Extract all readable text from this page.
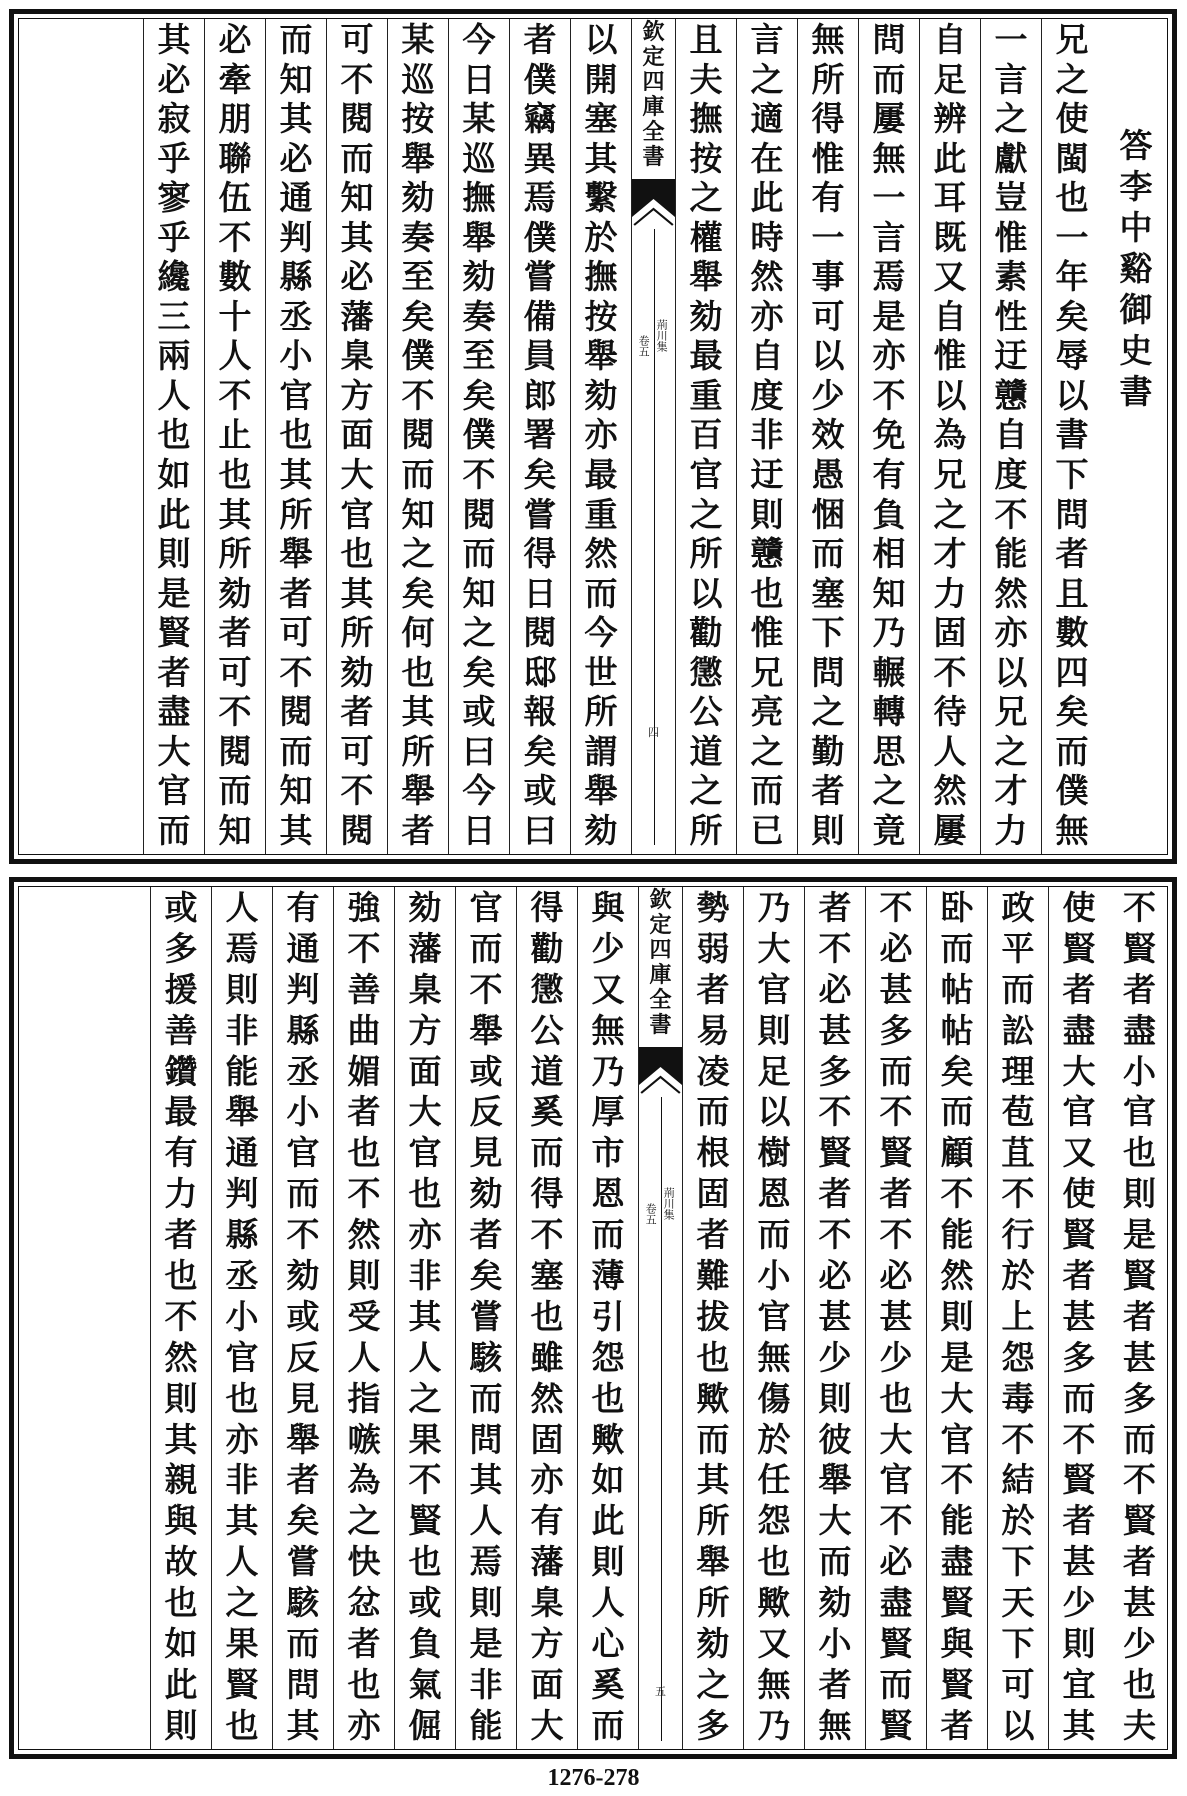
答
李
中
谿
御
史
書
兄
之
使
閩
也
一
年
矣
辱
以
書
下
問
者
且
數
四
矣
而
僕
無
一
言
之
獻
豈
惟
素
性
迂
戇
自
度
不
能
然
亦
以
兄
之
才
力
自
足
辨
此
耳
既
又
自
惟
以
為
兄
之
才
力
固
不
待
人
然
屢
問
而
屢
無
一
言
焉
是
亦
不
免
有
負
相
知
乃
輾
轉
思
之
竟
無
所
得
惟
有
一
事
可
以
少
效
愚
悃
而
塞
下
問
之
勤
者
則
言
之
適
在
此
時
然
亦
自
度
非
迂
則
戇
也
惟
兄
亮
之
而
已
且
夫
撫
按
之
權
舉
劾
最
重
百
官
之
所
以
勸
懲
公
道
之
所
欽
定
四
庫
全
書
荊川集
卷五
四
以
開
塞
其
繫
於
撫
按
舉
劾
亦
最
重
然
而
今
世
所
謂
舉
劾
者
僕
竊
異
焉
僕
嘗
備
員
郎
署
矣
嘗
得
日
閱
邸
報
矣
或
曰
今
日
某
巡
撫
舉
劾
奏
至
矣
僕
不
閱
而
知
之
矣
或
曰
今
日
某
巡
按
舉
劾
奏
至
矣
僕
不
閱
而
知
之
矣
何
也
其
所
舉
者
可
不
閱
而
知
其
必
藩
臬
方
面
大
官
也
其
所
劾
者
可
不
閱
而
知
其
必
通
判
縣
丞
小
官
也
其
所
舉
者
可
不
閱
而
知
其
必
牽
朋
聯
伍
不
數
十
人
不
止
也
其
所
劾
者
可
不
閱
而
知
其
必
寂
乎
寥
乎
纔
三
兩
人
也
如
此
則
是
賢
者
盡
大
官
而
不
賢
者
盡
小
官
也
則
是
賢
者
甚
多
而
不
賢
者
甚
少
也
夫
使
賢
者
盡
大
官
又
使
賢
者
甚
多
而
不
賢
者
甚
少
則
宜
其
政
平
而
訟
理
苞
苴
不
行
於
上
怨
毒
不
結
於
下
天
下
可
以
卧
而
帖
帖
矣
而
顧
不
能
然
則
是
大
官
不
能
盡
賢
與
賢
者
不
必
甚
多
而
不
賢
者
不
必
甚
少
也
大
官
不
必
盡
賢
而
賢
者
不
必
甚
多
不
賢
者
不
必
甚
少
則
彼
舉
大
而
劾
小
者
無
乃
大
官
則
足
以
樹
恩
而
小
官
無
傷
於
任
怨
也
歟
又
無
乃
勢
弱
者
易
凌
而
根
固
者
難
拔
也
歟
而
其
所
舉
所
劾
之
多
欽
定
四
庫
全
書
荊川集
卷五
五
與
少
又
無
乃
厚
市
恩
而
薄
引
怨
也
歟
如
此
則
人
心
奚
而
得
勸
懲
公
道
奚
而
得
不
塞
也
雖
然
固
亦
有
藩
臬
方
面
大
官
而
不
舉
或
反
見
劾
者
矣
嘗
駭
而
問
其
人
焉
則
是
非
能
劾
藩
臬
方
面
大
官
也
亦
非
其
人
之
果
不
賢
也
或
負
氣
倔
強
不
善
曲
媚
者
也
不
然
則
受
人
指
嗾
為
之
快
忿
者
也
亦
有
通
判
縣
丞
小
官
而
不
劾
或
反
見
舉
者
矣
嘗
駭
而
問
其
人
焉
則
非
能
舉
通
判
縣
丞
小
官
也
亦
非
其
人
之
果
賢
也
或
多
援
善
鑽
最
有
力
者
也
不
然
則
其
親
與
故
也
如
此
則
1276-278
